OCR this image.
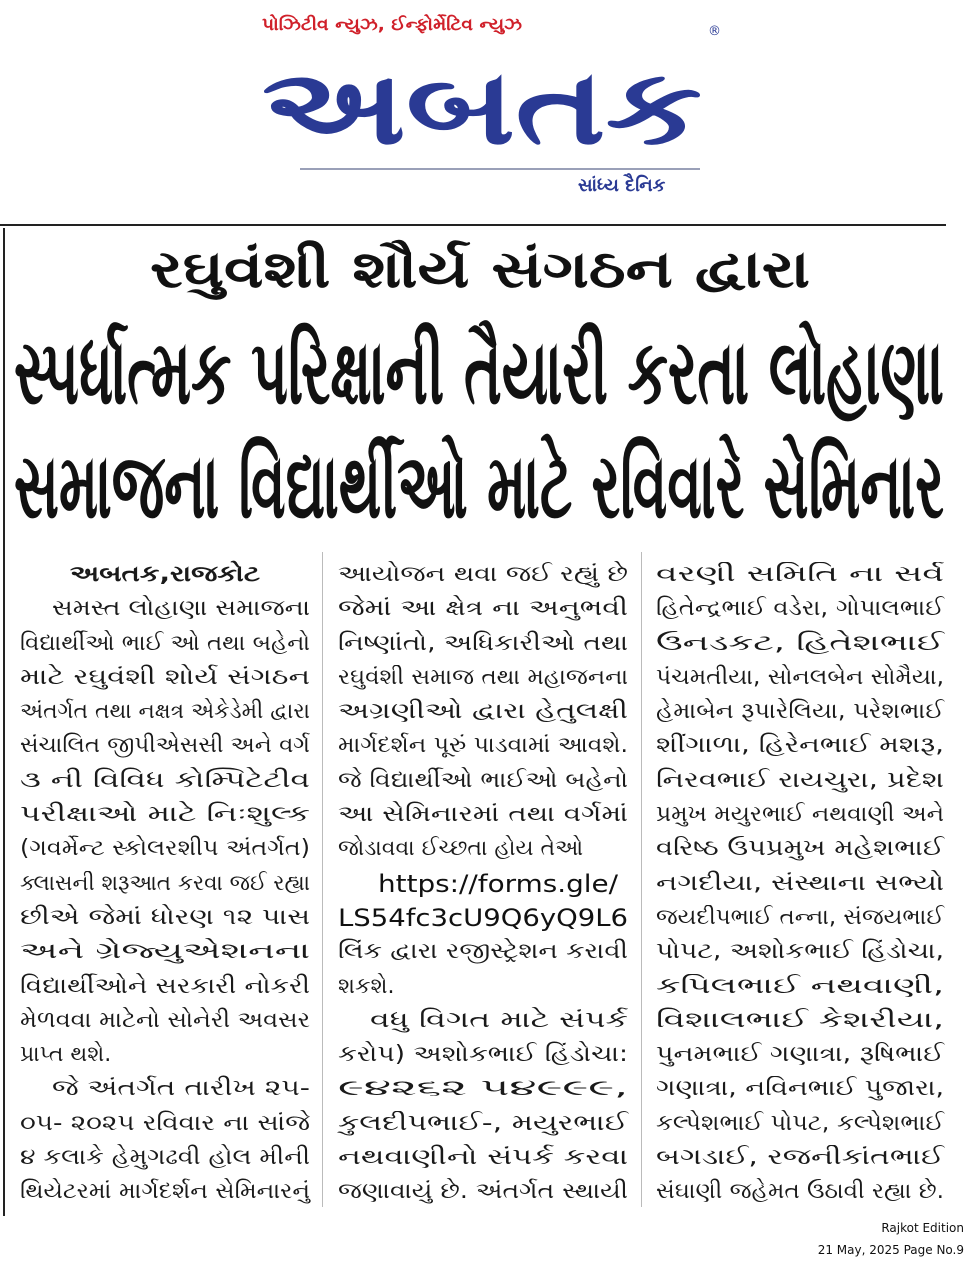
પોઝિટીવ ન્યુઝ, ઈન્ફોર્મેટિવ ન્યુઝ	®
અબતક
સાંધ્ય દૈનિક
રઘુવંશી શૌર્ય સંગઠન દ્વારા
સ્પર્ધાત્મક પરિક્ષાની તૈયારી કરતા લોહાણા
સમાજના વિદ્યાર્થીઓ માટે રવિવારે સેમિનાર
અબતક,રાજકોટ
સમસ્ત લોહાણા સમાજના
વિદ્યાર્થીઓ ભાઈ ઓ તથા બહેનો
માટે રઘુવંશી શોર્ય સંગઠન
અંતર્ગત તથા નક્ષત્ર એકેડેમી દ્વારા
સંચાલિત જીપીએસસી અને વર્ગ
૩ ની વિવિધ કોમ્પિટેટીવ
પરીક્ષાઓ માટે નિઃશુલ્ક
(ગવર્મેન્ટ સ્કોલરશીપ અંતર્ગત)
ક્લાસની શરૂઆત કરવા જઈ રહ્યા
છીએ જેમાં ધોરણ ૧૨ પાસ
અને ગ્રેજ્યુએશનના
વિદ્યાર્થીઓને સરકારી નોકરી
મેળવવા માટેનો સોનેરી અવસર
પ્રાપ્ત થશે.
જે અંતર્ગત તારીખ ૨૫-
૦૫- ૨૦૨૫ રવિવાર ના સાંજે
૪ કલાકે હેમુગઢવી હોલ મીની
થિયેટરમાં માર્ગદર્શન સેમિનારનું
આયોજન થવા જઈ રહ્યું છે
જેમાં આ ક્ષેત્ર ના અનુભવી
નિષ્ણાંતો, અધિકારીઓ તથા
રઘુવંશી સમાજ તથા મહાજનના
અગ્રણીઓ દ્વારા હેતુલક્ષી
માર્ગદર્શન પૂરું પાડવામાં આવશે.
જે વિદ્યાર્થીઓ ભાઈઓ બહેનો
આ સેમિનારમાં તથા વર્ગમાં
જોડાવવા ઈચ્છતા હોય તેઓ
https://forms.gle/
LS54fc3cU9Q6yQ9L6
લિંક દ્વારા રજીસ્ટ્રેશન કરાવી
શકશે.
વધુ વિગત માટે સંપર્ક
કરોપ) અશોકભાઈ હિંડોચા:
૯૪૨૬૨ ૫૪૯૯૯,
કુલદીપભાઈ-, મયુરભાઈ
નથવાણીનો સંપર્ક કરવા
જણાવાયું છે. અંતર્ગત સ્થાયી
વરણી સમિતિ ના સર્વ
હિતેન્દ્રભાઈ વડેરા, ગોપાલભાઈ
ઉનડકટ, હિતેશભાઈ
પંચમતીયા, સોનલબેન સોમૈયા,
હેમાબેન રૂપારેલિયા, પરેશભાઈ
શીંગાળા, હિરેનભાઈ મશરૂ,
નિરવભાઈ રાયચુરા, પ્રદેશ
પ્રમુખ મયુરભાઈ નથવાણી અને
વરિષ્ઠ ઉપપ્રમુખ મહેશભાઈ
નગદીયા, સંસ્થાના સભ્યો
જયદીપભાઈ તન્ના, સંજયભાઈ
પોપટ, અશોકભાઈ હિંડોચા,
કપિલભાઈ નથવાણી,
વિશાલભાઈ કેશરીયા,
પુનમભાઈ ગણાત્રા, રૂષિભાઈ
ગણાત્રા, નવિનભાઈ પુજારા,
કલ્પેશભાઈ પોપટ, કલ્પેશભાઈ
બગડાઈ, રજનીકાંતભાઈ
સંઘાણી જહેમત ઉઠાવી રહ્યા છે.
Rajkot Edition
21 May, 2025 Page No.9
